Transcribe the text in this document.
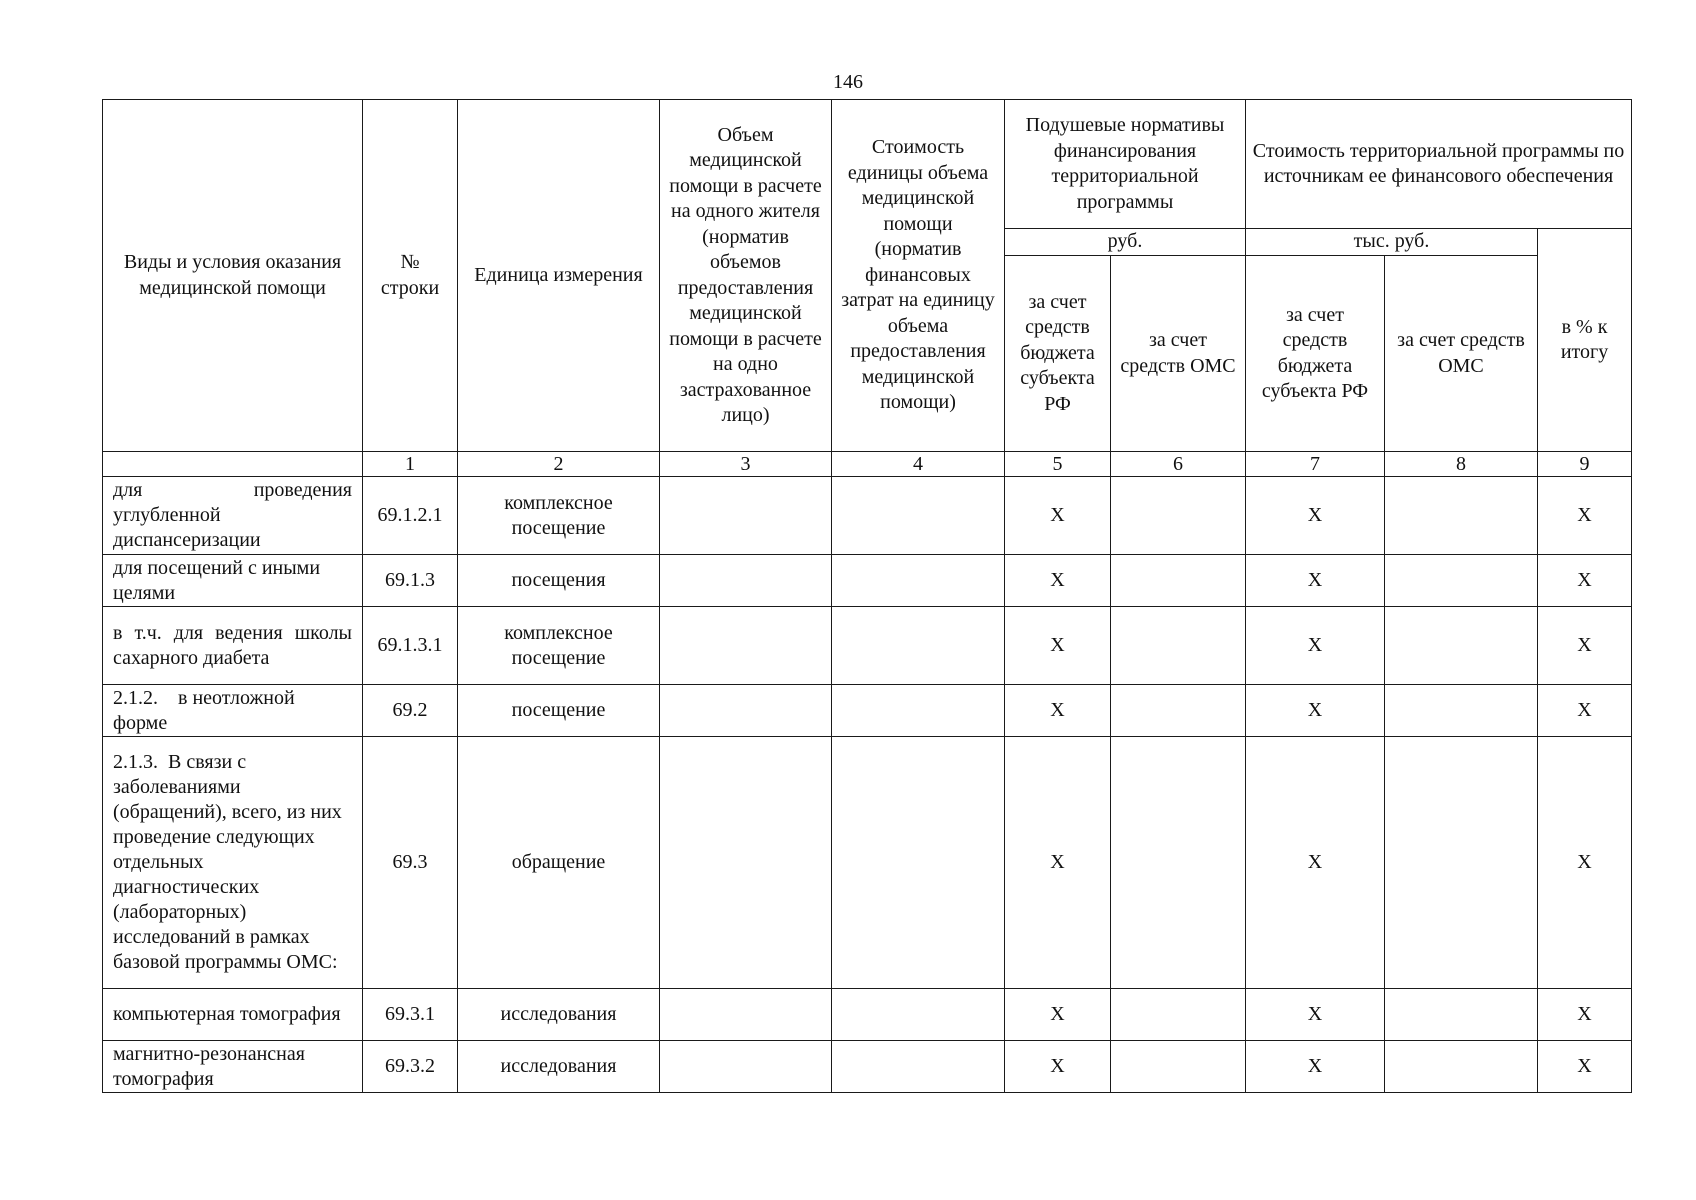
146
Виды и условия оказания медицинской помощи	№ строки	Единица измерения	Объем медицинской помощи в расчете на одного жителя (норматив объемов предоставления медицинской помощи в расчете на одно застрахованное лицо)	Стоимость единицы объема медицинской помощи (норматив финансовых затрат на единицу объема предоставления медицинской помощи)	Подушевые нормативы финансирования территориальной программы		Стоимость территориальной программы по источникам ее финансового обеспечения		
					руб.		тыс. руб.		в % к итогу
					за счет средств бюджета субъекта РФ	за счет средств ОМС	за счет средств бюджета субъекта РФ	за счет средств ОМС	
	1	2	3	4	5	6	7	8	9
для проведения углубленной диспансеризации	69.1.2.1	комплексное посещение			X		X		X
для посещений с иными целями	69.1.3	посещения			X		X		X
в т.ч. для ведения школы сахарного диабета	69.1.3.1	комплексное посещение			X		X		X
2.1.2.    в неотложной форме	69.2	посещение			X		X		X
2.1.3.  В связи с заболеваниями (обращений), всего, из них проведение следующих отдельных диагностических (лабораторных) исследований в рамках базовой программы ОМС:	69.3	обращение			X		X		X
компьютерная томография	69.3.1	исследования			X		X		X
магнитно-резонансная томография	69.3.2	исследования			X		X		X
